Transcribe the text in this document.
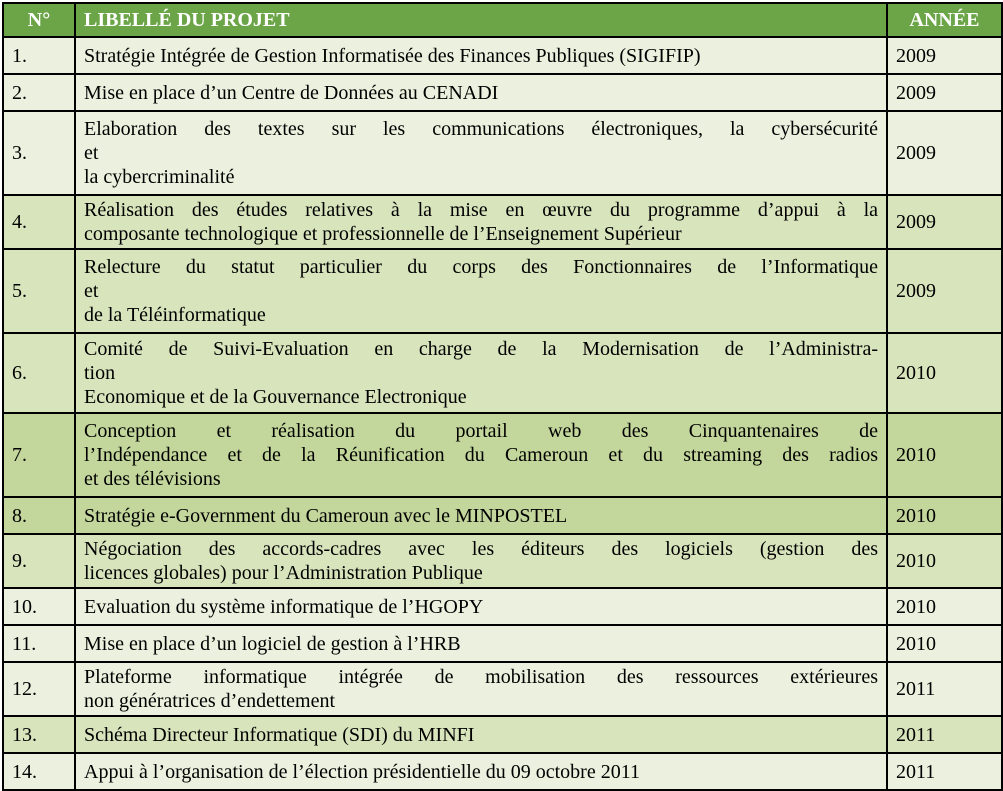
N°	LIBELLÉ DU PROJET	ANNÉE
1.	Stratégie Intégrée de Gestion Informatisée des Finances Publiques (SIGIFIP)	2009
2.	Mise en place d’un Centre de Données au CENADI	2009
3.	Elaboration des textes sur les communications électroniques, la cybersécurité
et
la cybercriminalité	2009
4.	Réalisation des études relatives à la mise en œuvre du programme d’appui à la
composante technologique et professionnelle de l’Enseignement Supérieur	2009
5.	Relecture du statut particulier du corps des Fonctionnaires de l’Informatique
et
de la Téléinformatique	2009
6.	Comité de Suivi-Evaluation en charge de la Modernisation de l’Administra-
tion
Economique et de la Gouvernance Electronique	2010
7.	Conception et réalisation du portail web des Cinquantenaires de
l’Indépendance et de la Réunification du Cameroun et du streaming des radios
et des télévisions	2010
8.	Stratégie e-Government du Cameroun avec le MINPOSTEL	2010
9.	Négociation des accords-cadres avec les éditeurs des logiciels (gestion des
licences globales) pour l’Administration Publique	2010
10.	Evaluation du système informatique de l’HGOPY	2010
11.	Mise en place d’un logiciel de gestion à l’HRB	2010
12.	Plateforme informatique intégrée de mobilisation des ressources extérieures
non génératrices d’endettement	2011
13.	Schéma Directeur Informatique (SDI) du MINFI	2011
14.	Appui à l’organisation de l’élection présidentielle du 09 octobre 2011	2011
